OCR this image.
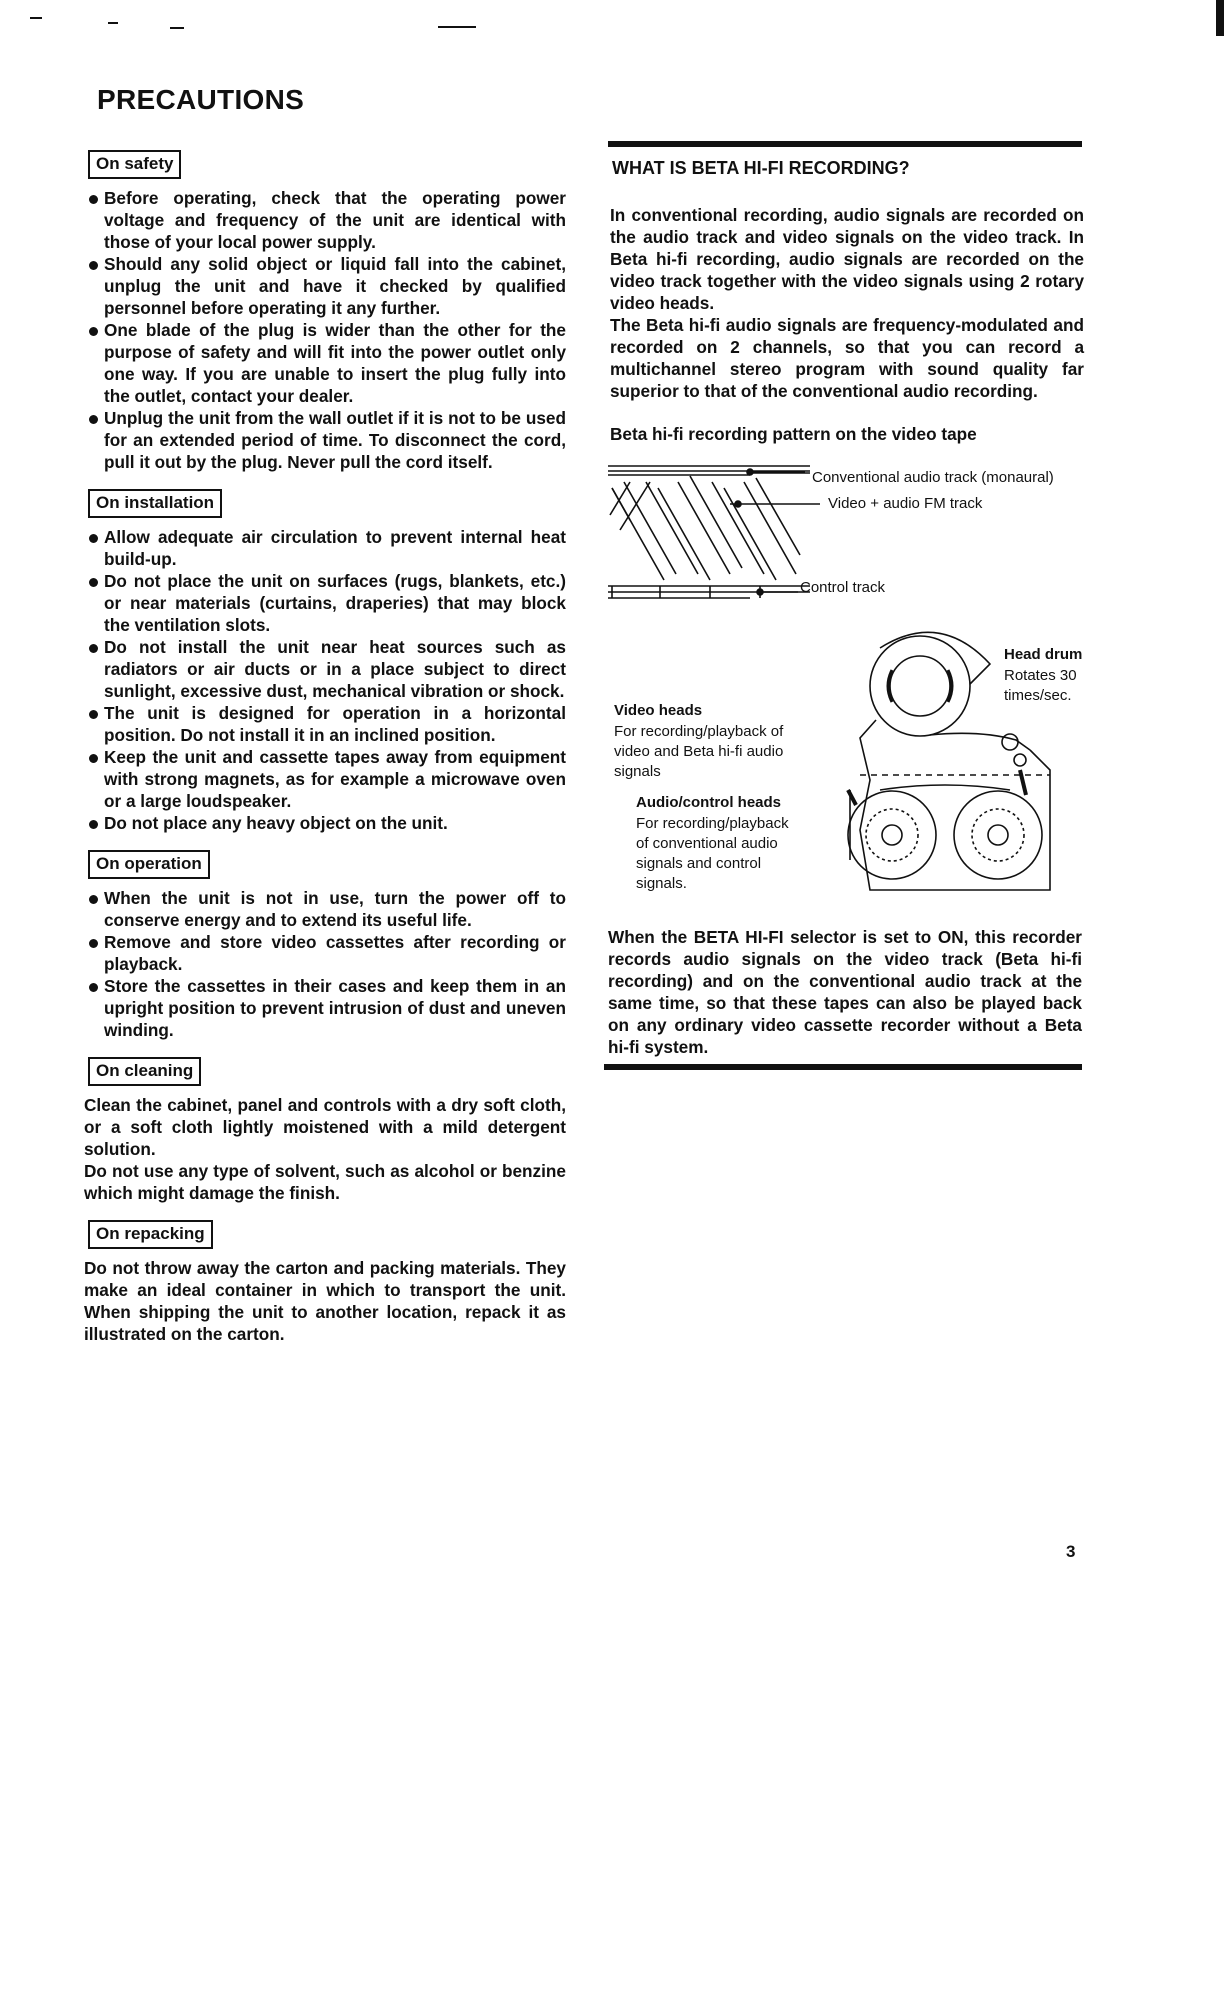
PRECAUTIONS
On safety
Before operating, check that the operating power voltage and frequency of the unit are identical with those of your local power supply.
Should any solid object or liquid fall into the cabinet, unplug the unit and have it checked by qualified personnel before operating it any further.
One blade of the plug is wider than the other for the purpose of safety and will fit into the power outlet only one way. If you are unable to insert the plug fully into the outlet, contact your dealer.
Unplug the unit from the wall outlet if it is not to be used for an extended period of time. To disconnect the cord, pull it out by the plug. Never pull the cord itself.
On installation
Allow adequate air circulation to prevent internal heat build-up.
Do not place the unit on surfaces (rugs, blankets, etc.) or near materials (curtains, draperies) that may block the ventilation slots.
Do not install the unit near heat sources such as radiators or air ducts or in a place subject to direct sunlight, excessive dust, mechanical vibration or shock.
The unit is designed for operation in a horizontal position. Do not install it in an inclined position.
Keep the unit and cassette tapes away from equipment with strong magnets, as for example a microwave oven or a large loudspeaker.
Do not place any heavy object on the unit.
On operation
When the unit is not in use, turn the power off to conserve energy and to extend its useful life.
Remove and store video cassettes after recording or playback.
Store the cassettes in their cases and keep them in an upright position to prevent intrusion of dust and uneven winding.
On cleaning

Clean the cabinet, panel and controls with a dry soft cloth, or a soft cloth lightly moistened with a mild detergent solution.

Do not use any type of solvent, such as alcohol or benzine which might damage the finish.

On repacking

Do not throw away the carton and packing materials. They make an ideal container in which to transport the unit. When shipping the unit to another location, repack it as illustrated on the carton.

WHAT IS BETA HI-FI RECORDING?

In conventional recording, audio signals are recorded on the audio track and video signals on the video track. In Beta hi-fi recording, audio signals are recorded on the video track together with the video signals using 2 rotary video heads.

The Beta hi-fi audio signals are frequency-modulated and recorded on 2 channels, so that you can record a multichannel stereo program with sound quality far superior to that of the conventional audio recording.

Beta hi-fi recording pattern on the video tape
Conventional audio track (monaural)
Video + audio FM track
Control track
Head drum
Rotates 30
times/sec.
Video heads
For recording/playback of
video and Beta hi-fi audio
signals
Audio/control heads
For recording/playback
of conventional audio
signals and control
signals.

When the BETA HI-FI selector is set to ON, this recorder records audio signals on the video track (Beta hi-fi recording) and on the conventional audio track at the same time, so that these tapes can also be played back on any ordinary video cassette recorder without a Beta hi-fi system.

3
